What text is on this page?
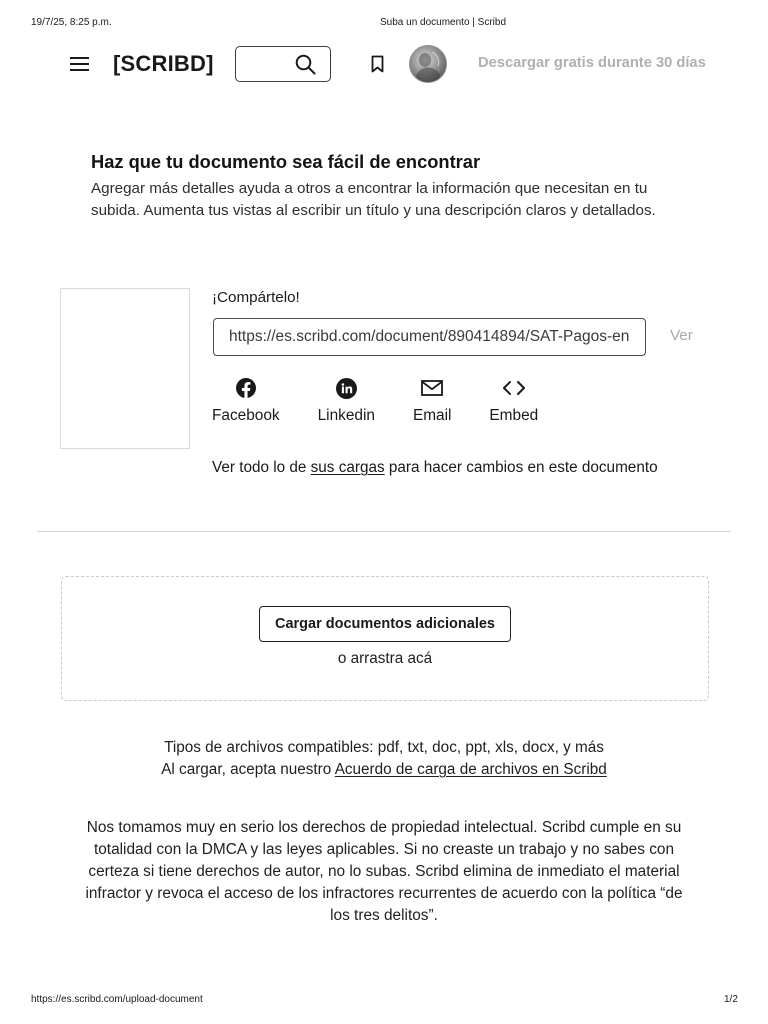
19/7/25, 8:25 p.m.	Suba un documento | Scribd
[SCRIBD]	Descargar gratis durante 30 días
Haz que tu documento sea fácil de encontrar

Agregar más detalles ayuda a otros a encontrar la información que necesitan en tu subida. Aumenta tus vistas al escribir un título y una descripción claros y detallados.

¡Compártelo!
https://es.scribd.com/document/890414894/SAT-Pagos-en
Ver
Facebook Linkedin Email Embed
Ver todo lo de sus cargas para hacer cambios en este documento
Cargar documentos adicionales
o arrastra acá
Tipos de archivos compatibles: pdf, txt, doc, ppt, xls, docx, y más
Al cargar, acepta nuestro Acuerdo de carga de archivos en Scribd

Nos tomamos muy en serio los derechos de propiedad intelectual. Scribd cumple en su totalidad con la DMCA y las leyes aplicables. Si no creaste un trabajo y no sabes con certeza si tiene derechos de autor, no lo subas. Scribd elimina de inmediato el material infractor y revoca el acceso de los infractores recurrentes de acuerdo con la política “de los tres delitos”.

https://es.scribd.com/upload-document	1/2
